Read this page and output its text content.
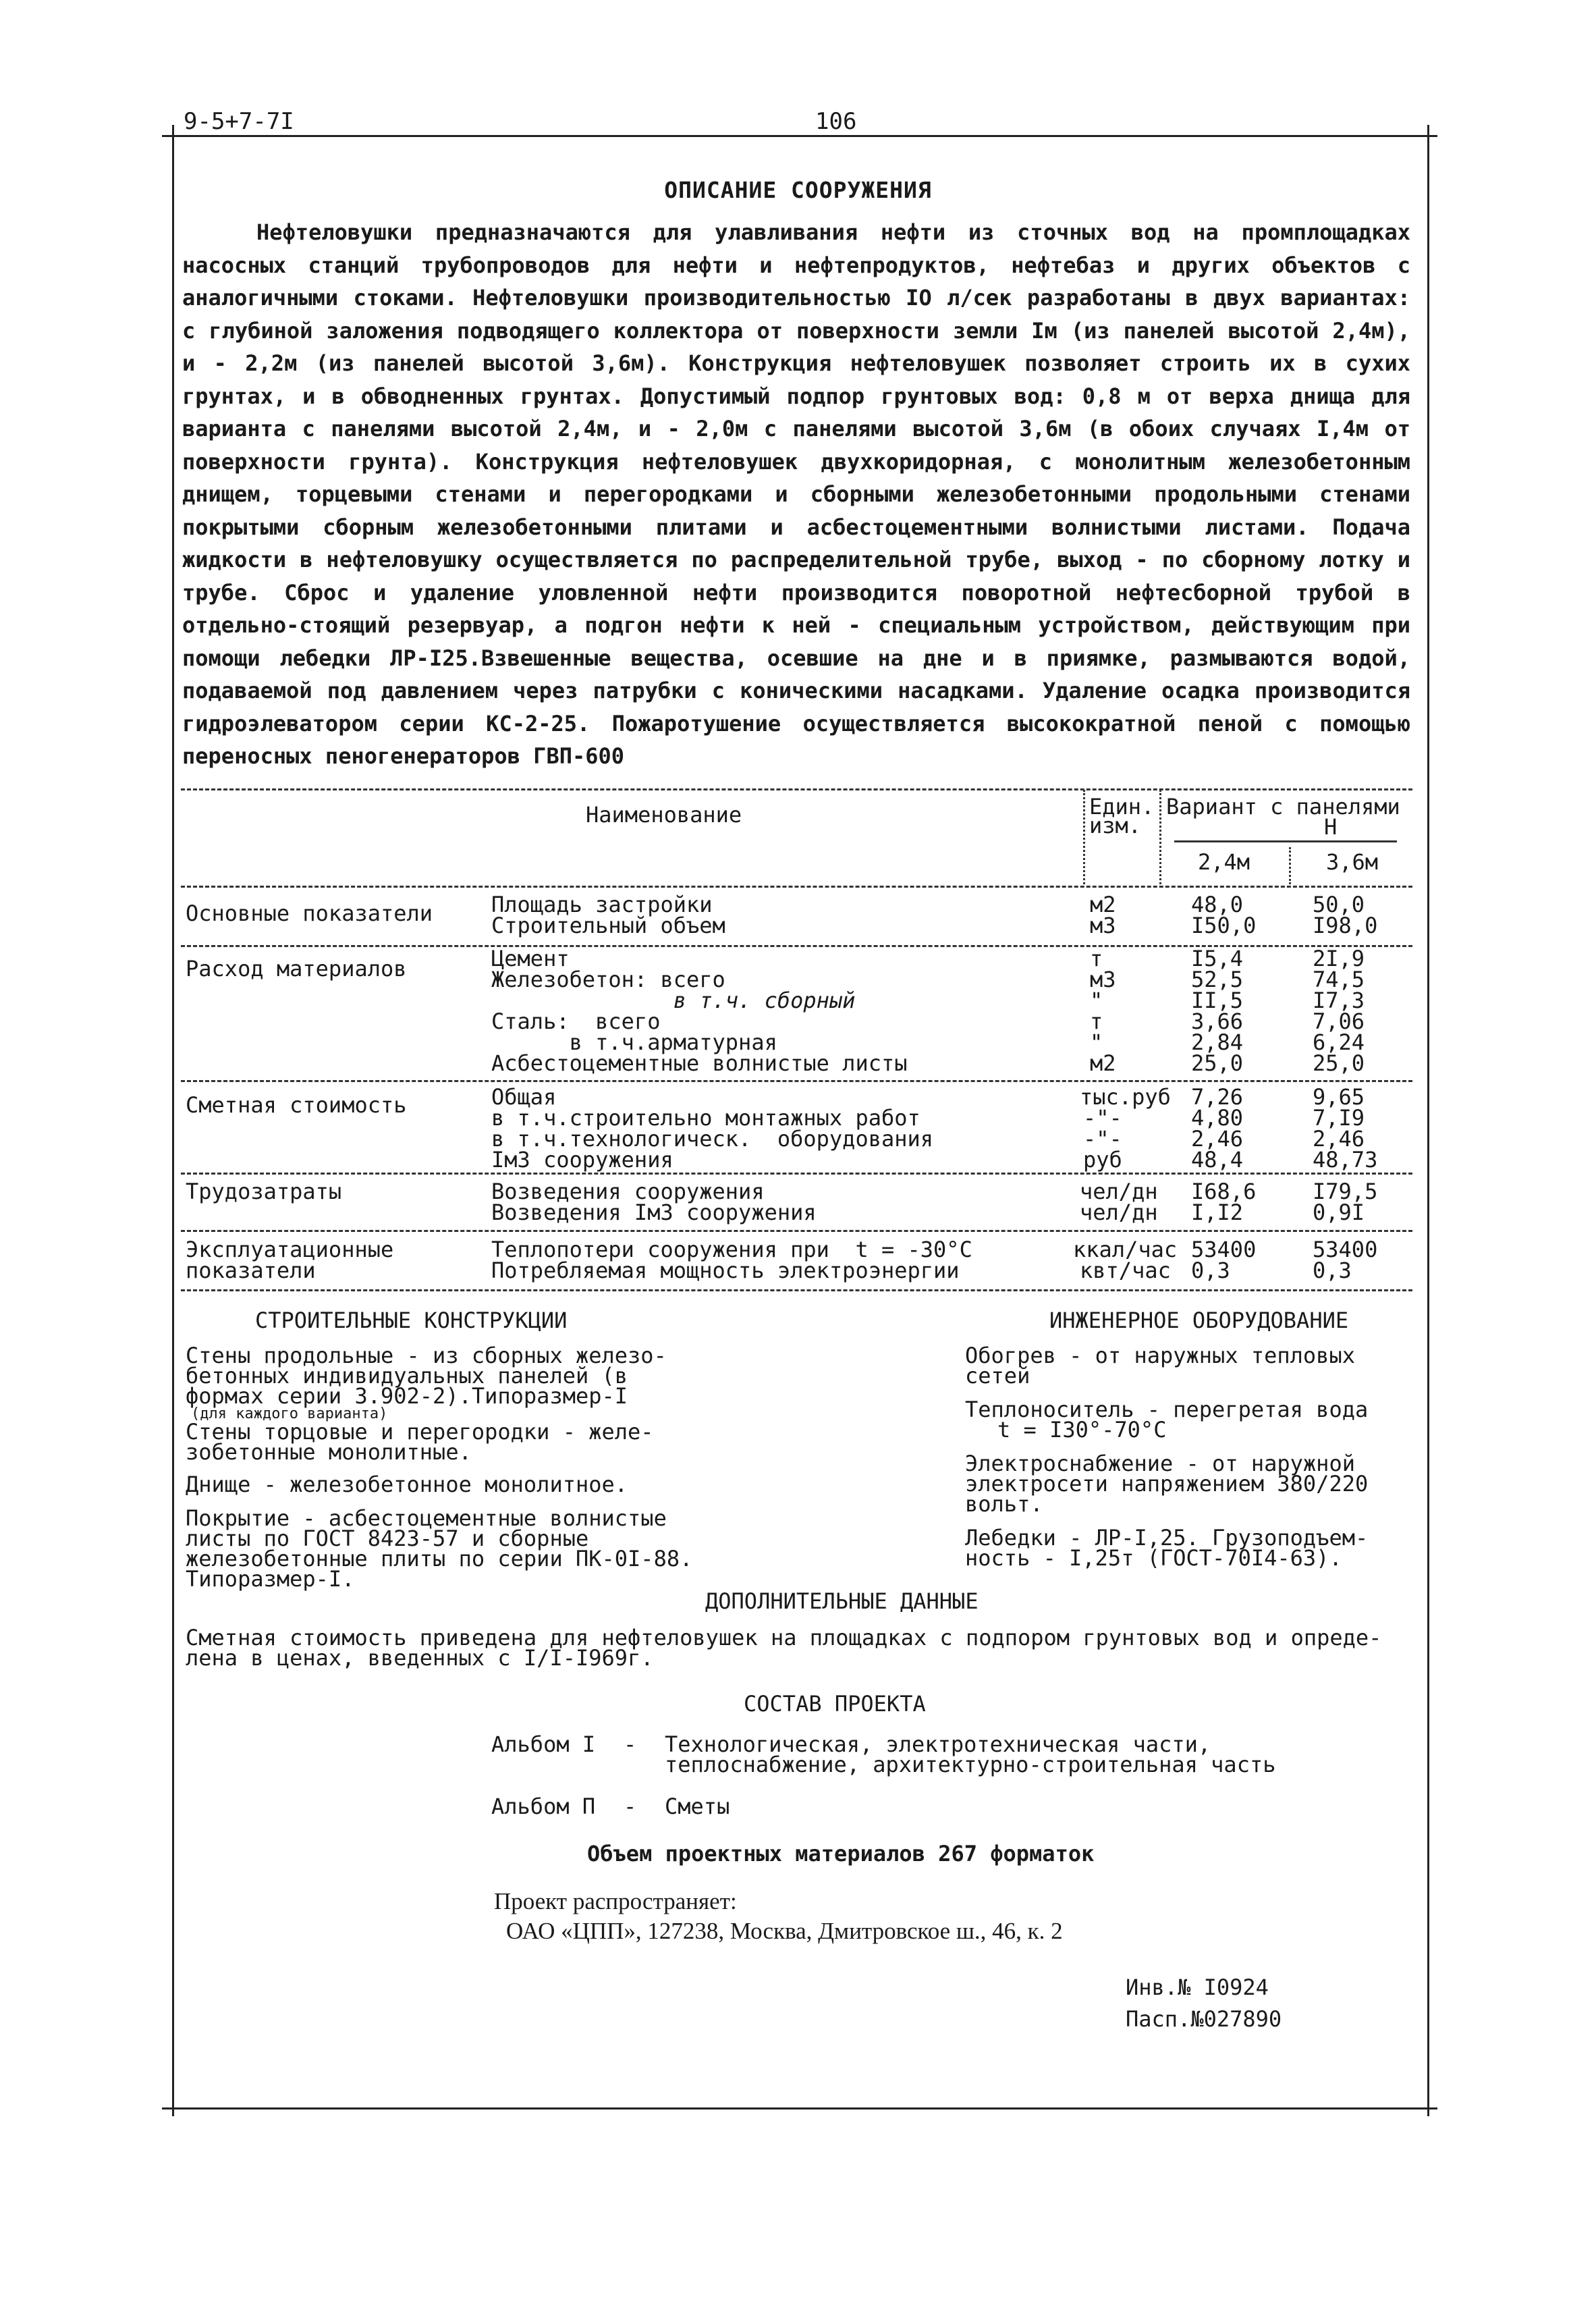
9-5+7-7I	106
ОПИСАНИЕ СООРУЖЕНИЯ
Нефтеловушки предназначаются для улавливания нефти из сточных вод на промплощадках насосных станций трубопроводов для нефти и нефтепродуктов, нефтебаз и других объектов с аналогичными стоками. Нефтеловушки производительностью IO л/сек разработаны в двух вариантах: с глубиной заложения подводящего коллектора от поверхности земли Iм (из панелей высотой 2,4м), и - 2,2м (из панелей высотой 3,6м). Конструкция нефтеловушек позволяет строить их в сухих грунтах, и в обводненных грунтах. Допустимый подпор грунтовых вод: 0,8 м от верха днища для варианта с панелями высотой 2,4м, и - 2,0м с панелями высотой 3,6м (в обоих случаях I,4м от поверхности грунта). Конструкция нефтеловушек двухкоридорная, с монолитным железобетонным днищем, торцевыми стенами и перегородками и сборными железобетонными продольными стенами покрытыми сборным железобетонными плитами и асбестоцементными волнистыми листами. Подача жидкости в нефтеловушку осуществляется по распределительной трубе, выход - по сборному лотку и трубе. Сброс и удаление уловленной нефти производится поворотной нефтесборной трубой в отдельно-стоящий резервуар, а подгон нефти к ней - специальным устройством, действующим при помощи лебедки ЛР-I25.Взвешенные вещества, осевшие на дне и в приямке, размываются водой, подаваемой под давлением через патрубки с коническими насадками. Удаление осадка производится гидроэлеватором серии КС-2-25. Пожаротушение осуществляется высокократной пеной с помощью переносных пеногенераторов ГВП-600
Наименование	Един.
изм.
Вариант с панелями
Н
2,4м	3,6м
Основные показатели	Площадь застройки	м2	48,0	50,0
Строительный объем	м3	I50,0	I98,0
Расход материалов	Цемент	т	I5,4	2I,9
Железобетон: всего	м3	52,5	74,5
в т.ч. сборный	"	II,5	I7,3
Сталь:  всего	т	3,66	7,06
в т.ч.арматурная	"	2,84	6,24
Асбестоцементные волнистые листы	м2	25,0	25,0
Сметная стоимость	Общая	тыс.руб 7,26	9,65
в т.ч.строительно монтажных работ	-"-	4,80	7,I9
в т.ч.технологическ.  оборудования	-"-	2,46	2,46
Iм3 сооружения	руб	48,4	48,73
Трудозатраты	Возведения сооружения	чел/дн I68,6	I79,5
Возведения Iм3 сооружения	чел/дн I,I2	0,9I
Эксплуатационные
показатели
Теплопотери сооружения при  t = -30°С	ккал/час 53400	53400
Потребляемая мощность электроэнергии	квт/час 0,3	0,3
СТРОИТЕЛЬНЫЕ КОНСТРУКЦИИ
Стены продольные - из сборных железо-
бетонных индивидуальных панелей (в
формах серии 3.902-2).Типоразмер-I
(для каждого варианта)
Стены торцовые и перегородки - желе-
зобетонные монолитные.
Днище - железобетонное монолитное.
Покрытие - асбестоцементные волнистые
листы по ГОСТ 8423-57 и сборные
железобетонные плиты по серии ПК-0I-88.
Типоразмер-I.
ИНЖЕНЕРНОЕ ОБОРУДОВАНИЕ
Обогрев - от наружных тепловых
сетей
Теплоноситель - перегретая вода
t = I30°-70°С
Электроснабжение - от наружной
электросети напряжением 380/220
вольт.
Лебедки - ЛР-I,25. Грузоподъем-
ность - I,25т (ГОСТ-70I4-63).
ДОПОЛНИТЕЛЬНЫЕ ДАННЫЕ
Сметная стоимость приведена для нефтеловушек на площадках с подпором грунтовых вод и опреде-
лена в ценах, введенных с I/I-I969г.
СОСТАВ ПРОЕКТА
Альбом I - Технологическая, электротехническая части,
теплоснабжение, архитектурно-строительная часть
Альбом П - Сметы
Объем проектных материалов 267 форматок
Проект распространяет:
ОАО «ЦПП», 127238, Москва, Дмитровское ш., 46, к. 2
Инв.№ I0924
Пасп.№027890
